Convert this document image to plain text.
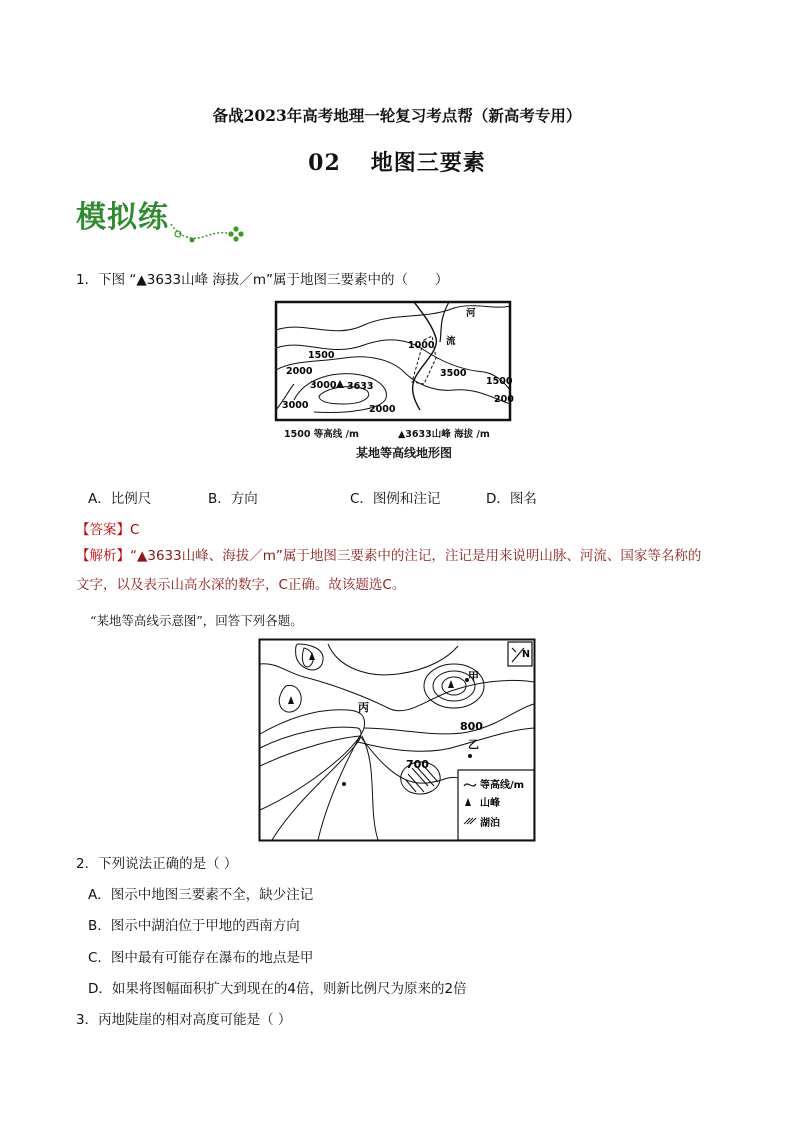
备战2023年高考地理一轮复习考点帮（新高考专用）
02 地图三要素
模拟练
1．下图 “▲3633山峰 海拔／m”属于地图三要素中的（　　）
河
流
1500
1000
2000
3000 3633
3500
2000
1500
200
3000
1500 等高线 /m	▲3633山峰 海拔 /m
某地等高线地形图
A．比例尺	B．方向	C．图例和注记	D．图名
【答案】C
【解析】“▲3633山峰、海拔／m”属于地图三要素中的注记，注记是用来说明山脉、河流、国家等名称的
文字，以及表示山高水深的数字，C正确。故该题选C。
“某地等高线示意图”，回答下列各题。
N
甲
丙
乙
800
700
等高线/m
山峰
湖泊
2．下列说法正确的是（ ）
A．图示中地图三要素不全，缺少注记
B．图示中湖泊位于甲地的西南方向
C．图中最有可能存在瀑布的地点是甲
D．如果将图幅面积扩大到现在的4倍，则新比例尺为原来的2倍
3．丙地陡崖的相对高度可能是（ ）
